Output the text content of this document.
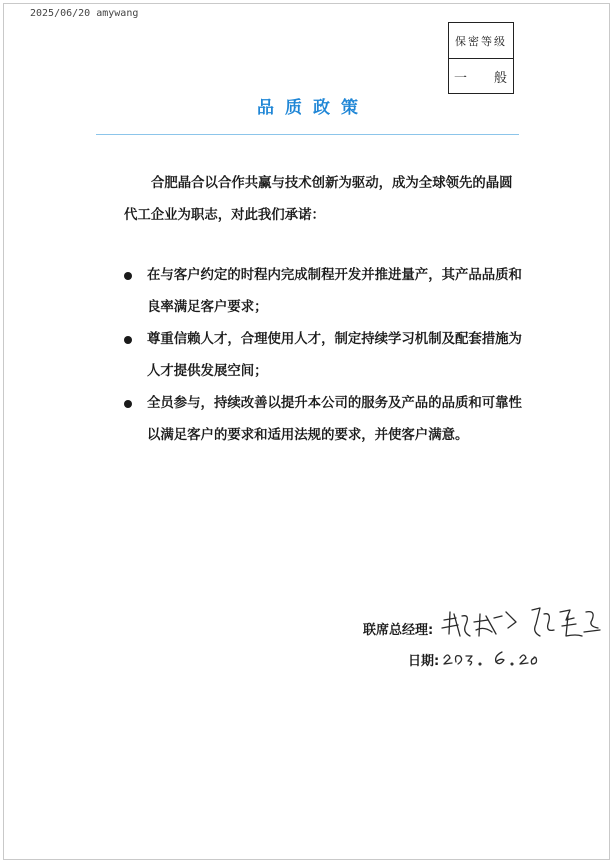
2025/06/20 amywang
保密等级
一 般
品质政策
合肥晶合以合作共赢与技术创新为驱动，成为全球领先的晶圆代工企业为职志，对此我们承诺：
在与客户约定的时程内完成制程开发并推进量产，其产品品质和良率满足客户要求；
尊重信赖人才，合理使用人才，制定持续学习机制及配套措施为人才提供发展空间；
全员参与，持续改善以提升本公司的服务及产品的品质和可靠性以满足客户的要求和适用法规的要求，并使客户满意。
联席总经理:
日期:
